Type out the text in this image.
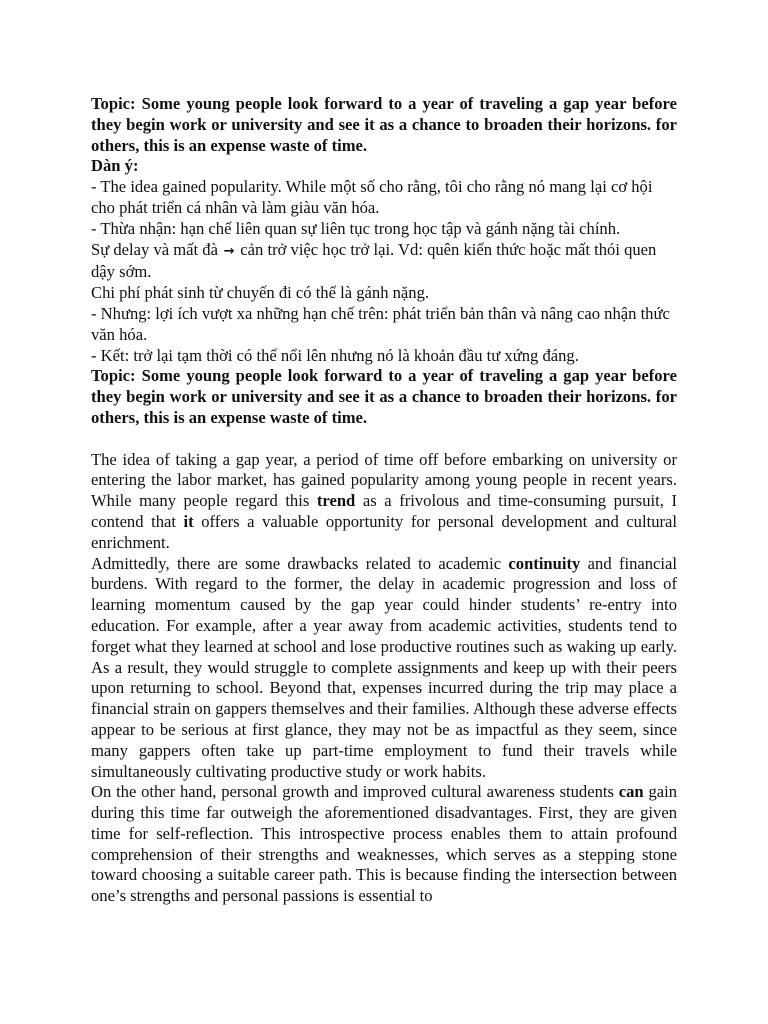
Topic: Some young people look forward to a year of traveling a gap year before they begin work or university and see it as a chance to broaden their horizons. for others, this is an expense waste of time.

Dàn ý:

- The idea gained popularity. While một số cho rằng, tôi cho rằng nó mang lại cơ hội cho phát triển cá nhân và làm giàu văn hóa.

- Thừa nhận: hạn chế liên quan sự liên tục trong học tập và gánh nặng tài chính.

Sự delay và mất đà → cản trở việc học trở lại. Vd: quên kiến thức hoặc mất thói quen dậy sớm.

Chi phí phát sinh từ chuyến đi có thể là gánh nặng.

- Nhưng: lợi ích vượt xa những hạn chế trên: phát triển bản thân và nâng cao nhận thức văn hóa.

- Kết: trở lại tạm thời có thể nổi lên nhưng nó là khoản đầu tư xứng đáng.

Topic: Some young people look forward to a year of traveling a gap year before they begin work or university and see it as a chance to broaden their horizons. for others, this is an expense waste of time.

The idea of taking a gap year, a period of time off before embarking on university or entering the labor market, has gained popularity among young people in recent years. While many people regard this trend as a frivolous and time-consuming pursuit, I contend that it offers a valuable opportunity for personal development and cultural enrichment.

Admittedly, there are some drawbacks related to academic continuity and financial burdens. With regard to the former, the delay in academic progression and loss of learning momentum caused by the gap year could hinder students’ re-entry into education. For example, after a year away from academic activities, students tend to forget what they learned at school and lose productive routines such as waking up early. As a result, they would struggle to complete assignments and keep up with their peers upon returning to school. Beyond that, expenses incurred during the trip may place a financial strain on gappers themselves and their families. Although these adverse effects appear to be serious at first glance, they may not be as impactful as they seem, since many gappers often take up part-time employment to fund their travels while simultaneously cultivating productive study or work habits.

On the other hand, personal growth and improved cultural awareness students can gain during this time far outweigh the aforementioned disadvantages. First, they are given time for self-reflection. This introspective process enables them to attain profound comprehension of their strengths and weaknesses, which serves as a stepping stone toward choosing a suitable career path. This is because finding the intersection between one’s strengths and personal passions is essential to
